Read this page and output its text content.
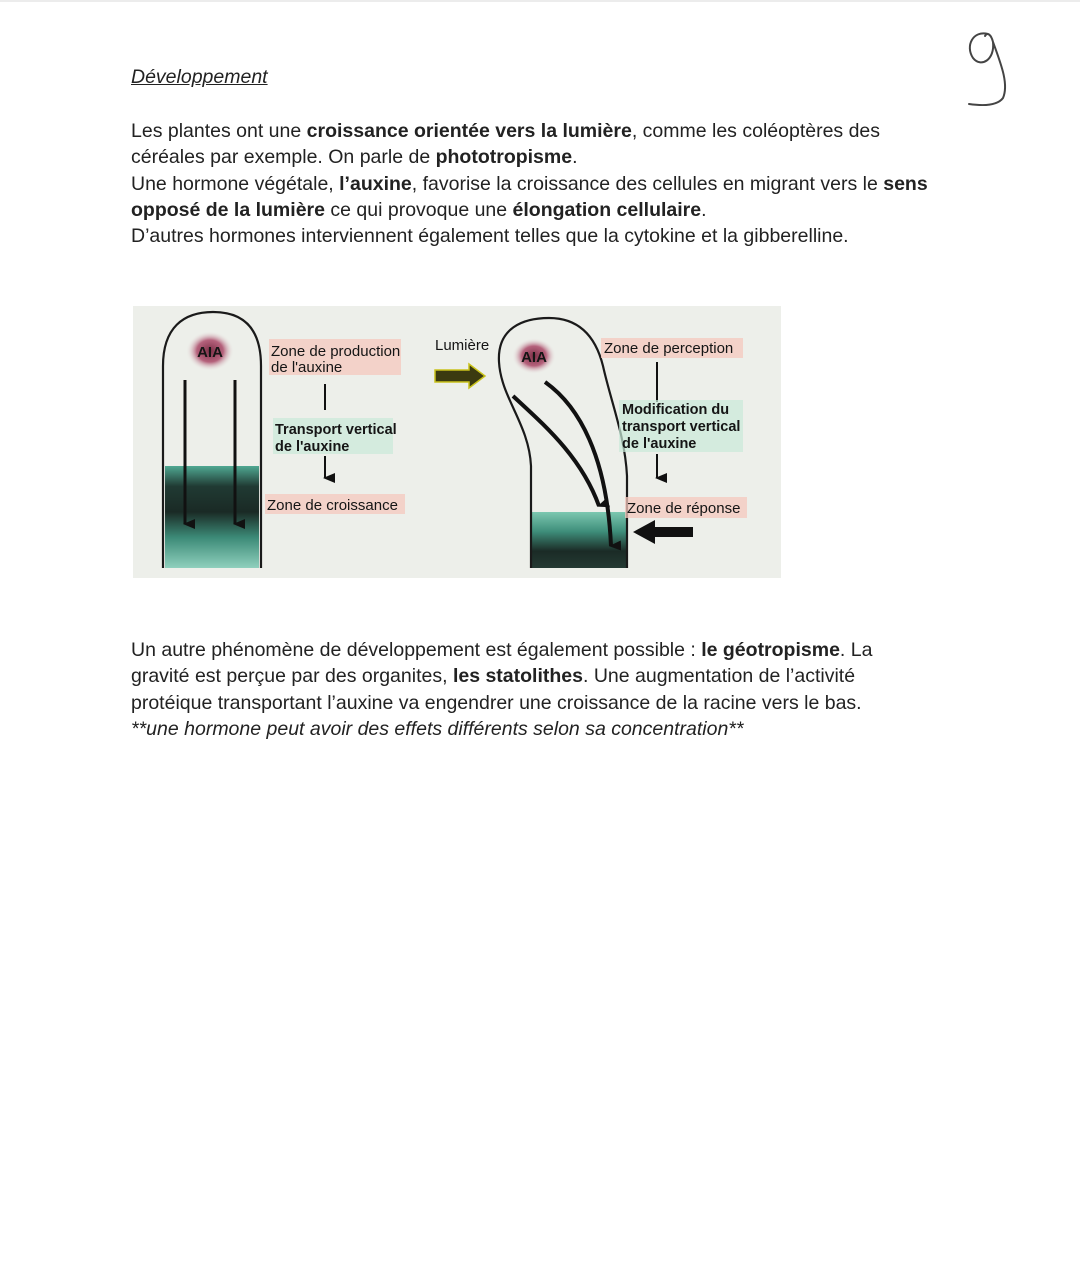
Développement
Les plantes ont une croissance orientée vers la lumière, comme les coléoptères des
céréales par exemple. On parle de phototropisme.
Une hormone végétale, l’auxine, favorise la croissance des cellules en migrant vers le sens
opposé de la lumière ce qui provoque une élongation cellulaire.
D’autres hormones interviennent également telles que la cytokine et la gibberelline.
AIA	Zone de production
de l'auxine
Transport vertical
de l'auxine
Zone de croissance
Lumière
AIA
Zone de perception
Modification du
transport vertical
de l'auxine
Zone de réponse
Un autre phénomène de développement est également possible : le géotropisme. La
gravité est perçue par des organites, les statolithes. Une augmentation de l’activité
protéique transportant l’auxine va engendrer une croissance de la racine vers le bas.
**une hormone peut avoir des effets différents selon sa concentration**
